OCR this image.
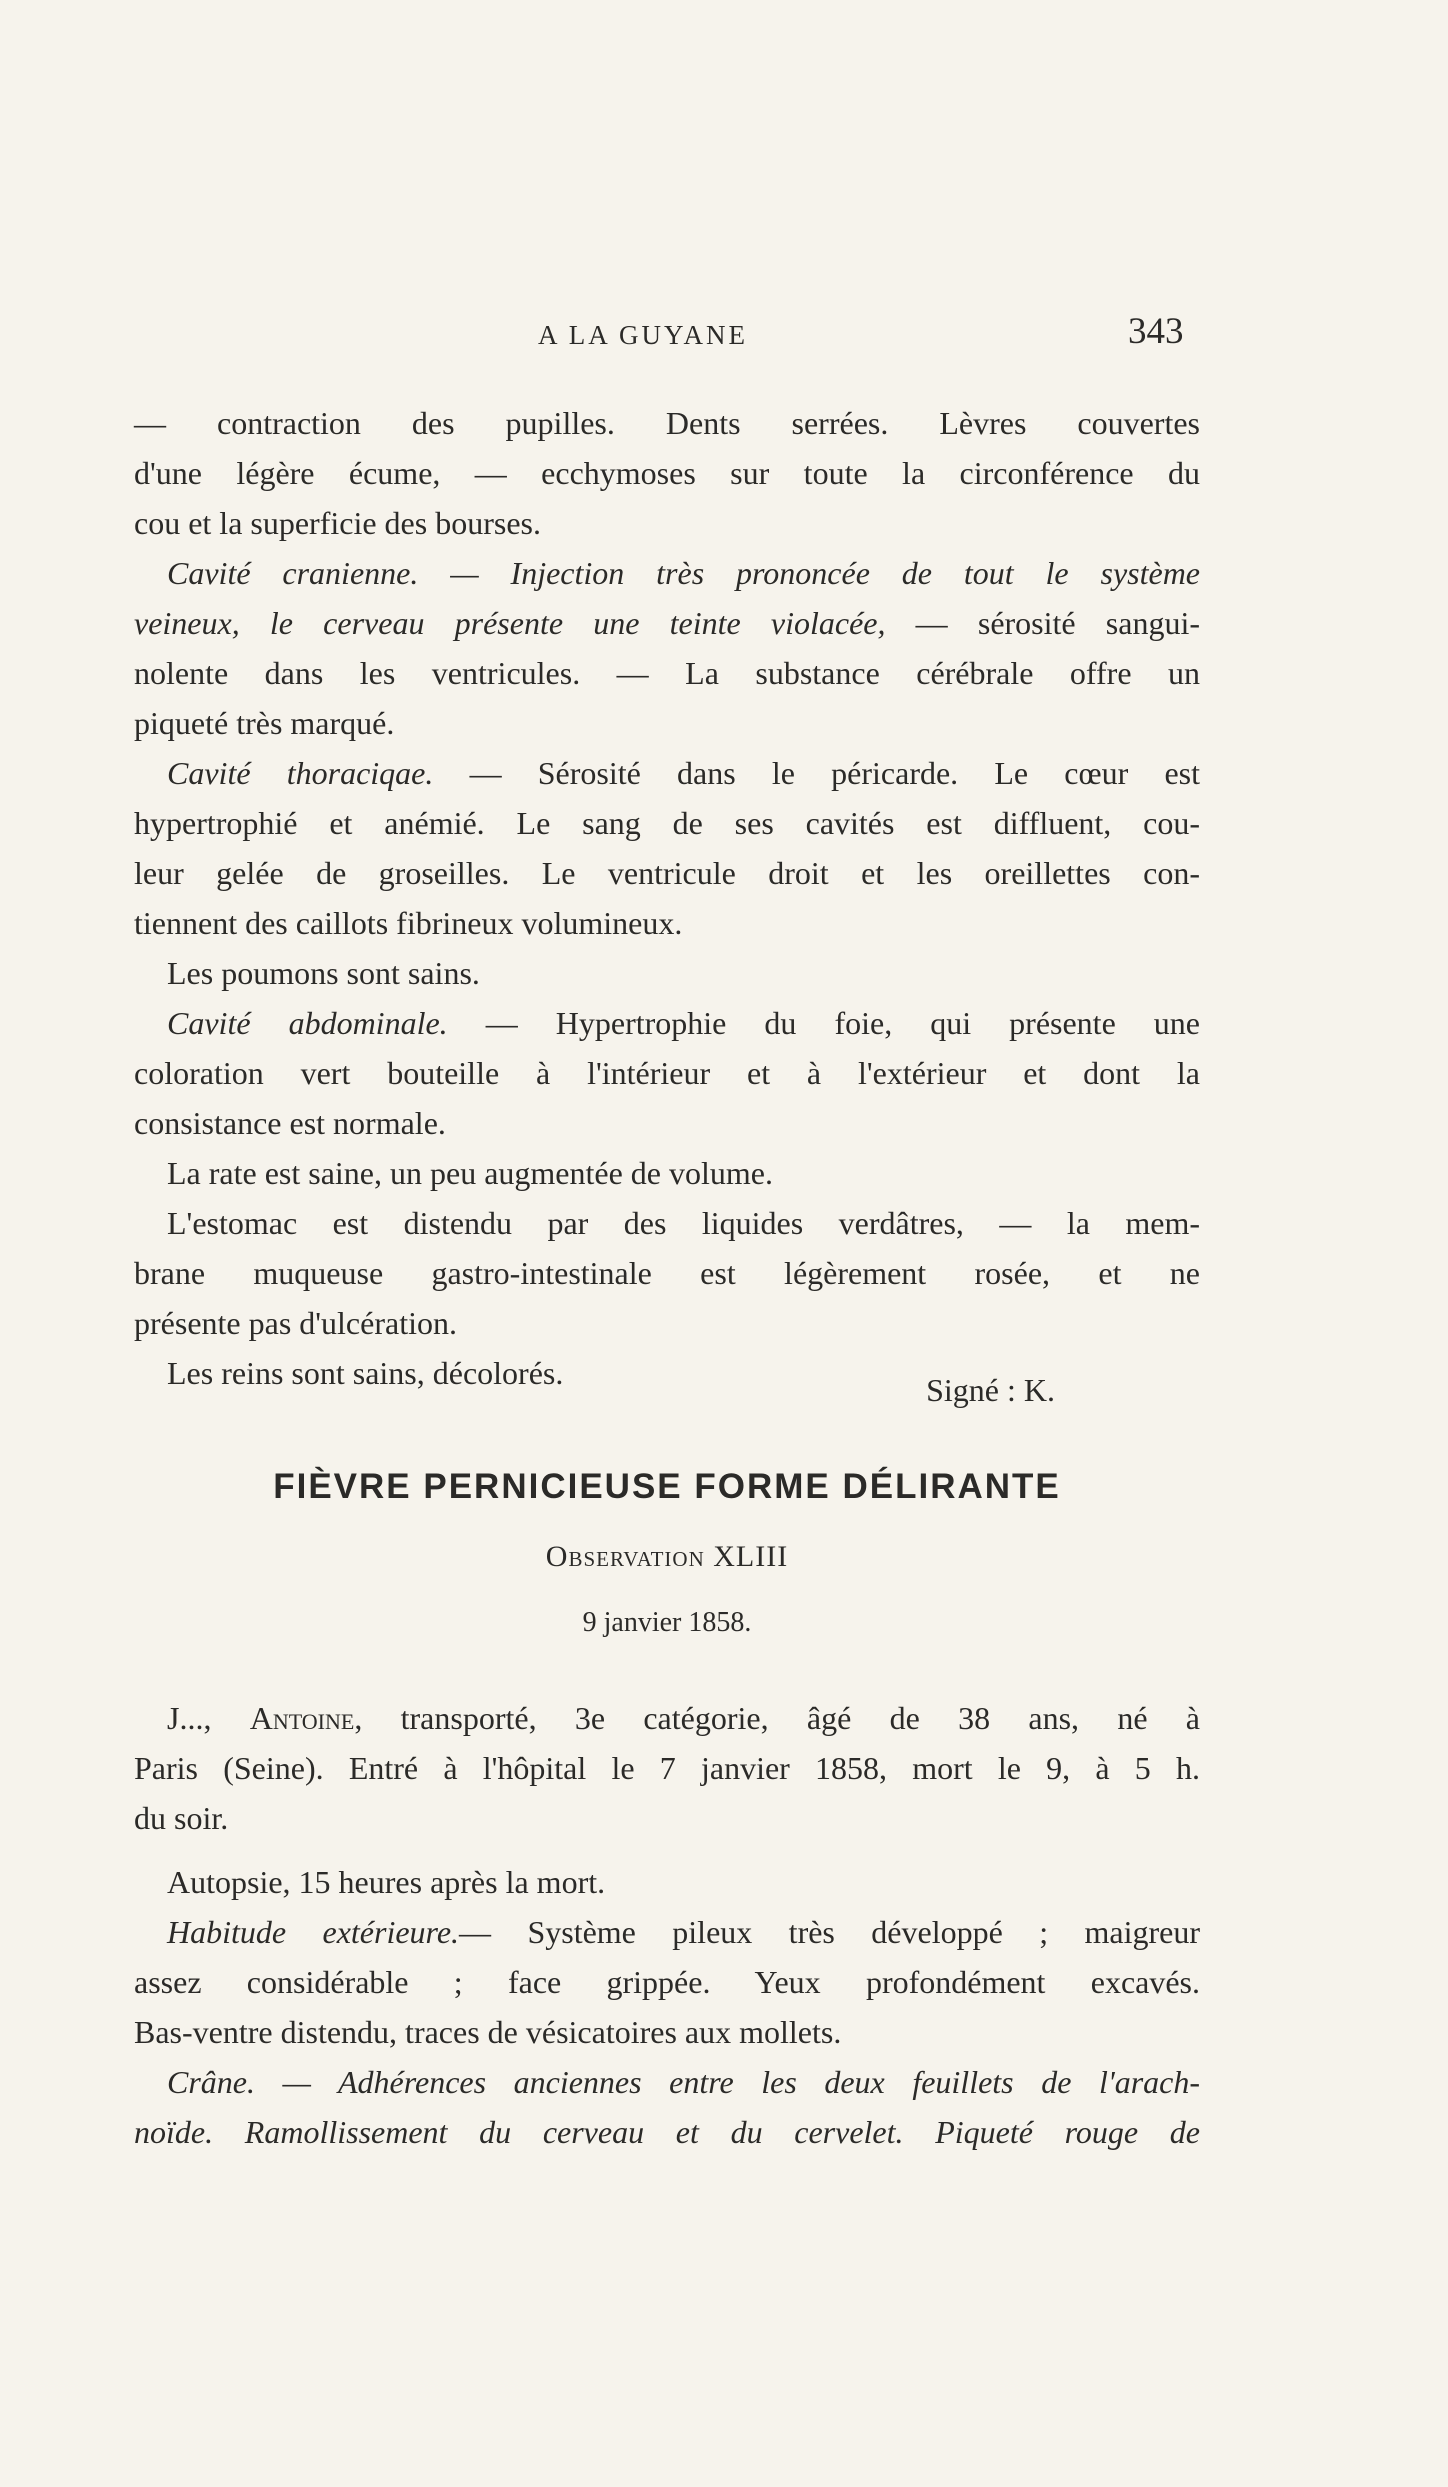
A LA GUYANE	343
— contraction des pupilles. Dents serrées. Lèvres couvertes
d'une légère écume, — ecchymoses sur toute la circonférence du
cou et la superficie des bourses.
Cavité cranienne. — Injection très prononcée de tout le système
veineux, le cerveau présente une teinte violacée, — sérosité sangui-
nolente dans les ventricules. — La substance cérébrale offre un
piqueté très marqué.
Cavité thoraciqae. — Sérosité dans le péricarde. Le cœur est
hypertrophié et anémié. Le sang de ses cavités est diffluent, cou-
leur gelée de groseilles. Le ventricule droit et les oreillettes con-
tiennent des caillots fibrineux volumineux.
Les poumons sont sains.
Cavité abdominale. — Hypertrophie du foie, qui présente une
coloration vert bouteille à l'intérieur et à l'extérieur et dont la
consistance est normale.
La rate est saine, un peu augmentée de volume.
L'estomac est distendu par des liquides verdâtres, — la mem-
brane muqueuse gastro-intestinale est légèrement rosée, et ne
présente pas d'ulcération.
Les reins sont sains, décolorés.	Signé : K.
FIÈVRE PERNICIEUSE FORME DÉLIRANTE
Observation XLIII
9 janvier 1858.
J..., Antoine, transporté, 3e catégorie, âgé de 38 ans, né à
Paris (Seine). Entré à l'hôpital le 7 janvier 1858, mort le 9, à 5 h.
du soir.
Autopsie, 15 heures après la mort.
Habitude extérieure.— Système pileux très développé ; maigreur
assez considérable ; face grippée. Yeux profondément excavés.
Bas-ventre distendu, traces de vésicatoires aux mollets.
Crâne. — Adhérences anciennes entre les deux feuillets de l'arach-
noïde. Ramollissement du cerveau et du cervelet. Piqueté rouge de
